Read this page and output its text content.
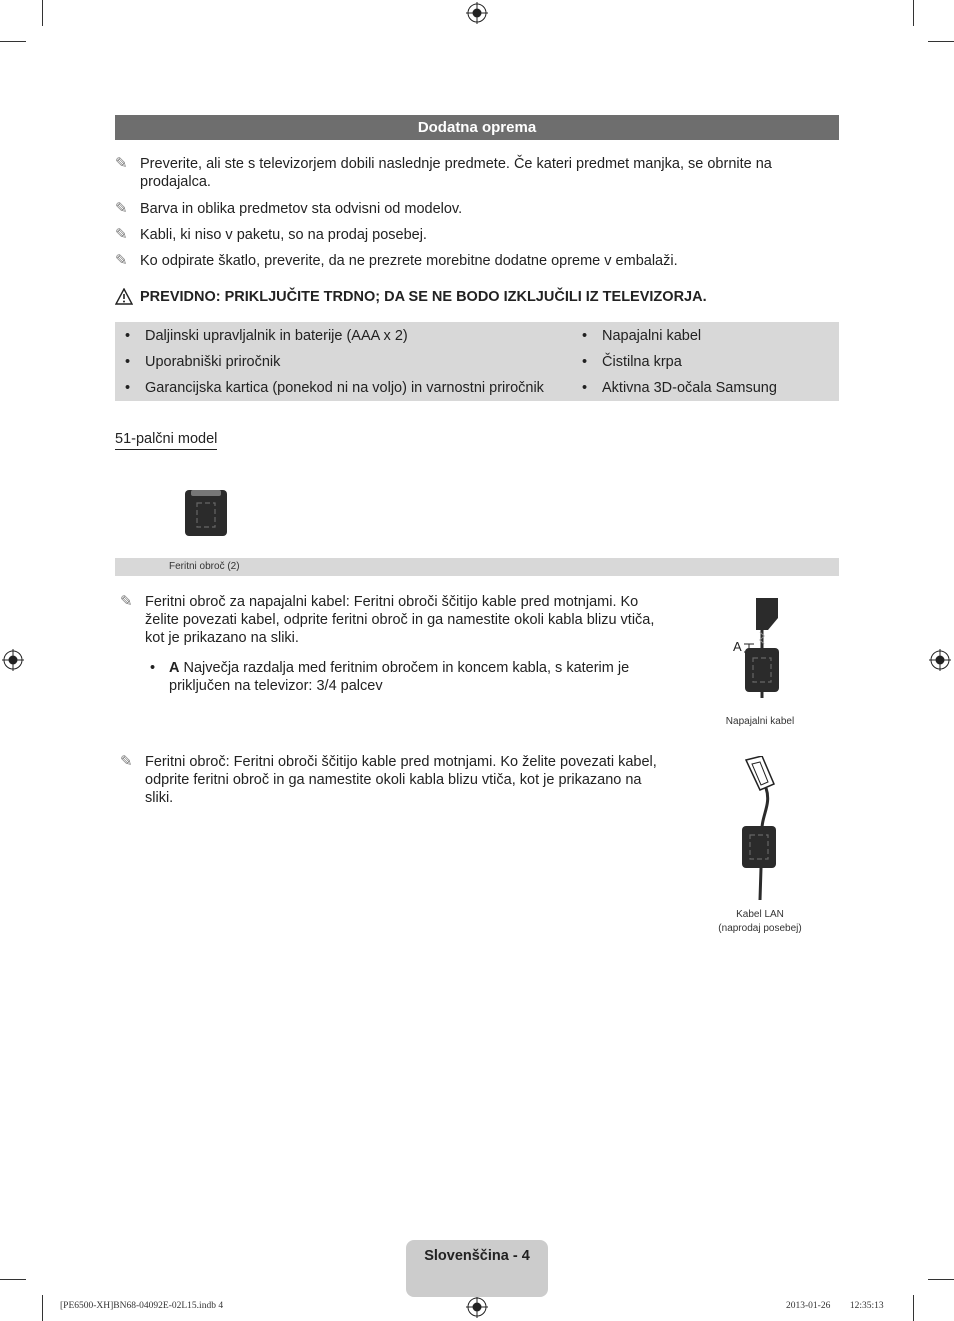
Dodatna oprema
✎ Preverite, ali ste s televizorjem dobili naslednje predmete. Če kateri predmet manjka, se obrnite na prodajalca.
✎ Barva in oblika predmetov sta odvisni od modelov.
✎ Kabli, ki niso v paketu, so na prodaj posebej.
✎ Ko odpirate škatlo, preverite, da ne prezrete morebitne dodatne opreme v embalaži.
PREVIDNO: PRIKLJUČITE TRDNO; DA SE NE BODO IZKLJUČILI IZ TELEVIZORJA.
• Daljinski upravljalnik in baterije (AAA x 2)
• Uporabniški priročnik
• Garancijska kartica (ponekod ni na voljo) in varnostni priročnik
• Napajalni kabel
• Čistilna krpa
• Aktivna 3D-očala Samsung
51-palčni model
Feritni obroč (2)
✎ Feritni obroč za napajalni kabel: Feritni obroči ščitijo kable pred motnjami. Ko želite povezati kabel, odprite feritni obroč in ga namestite okoli kabla blizu vtiča, kot je prikazano na sliki.
• A Največja razdalja med feritnim obročem in koncem kabla, s katerim je priključen na televizor: 3/4 palcev
A
Napajalni kabel
✎ Feritni obroč: Feritni obroči ščitijo kable pred motnjami. Ko želite povezati kabel, odprite feritni obroč in ga namestite okoli kabla blizu vtiča, kot je prikazano na sliki.
Kabel LAN
(naprodaj posebej)
Slovenščina - 4
[PE6500-XH]BN68-04092E-02L15.indb 4	2013-01-26 ￿￿ 12:35:13
